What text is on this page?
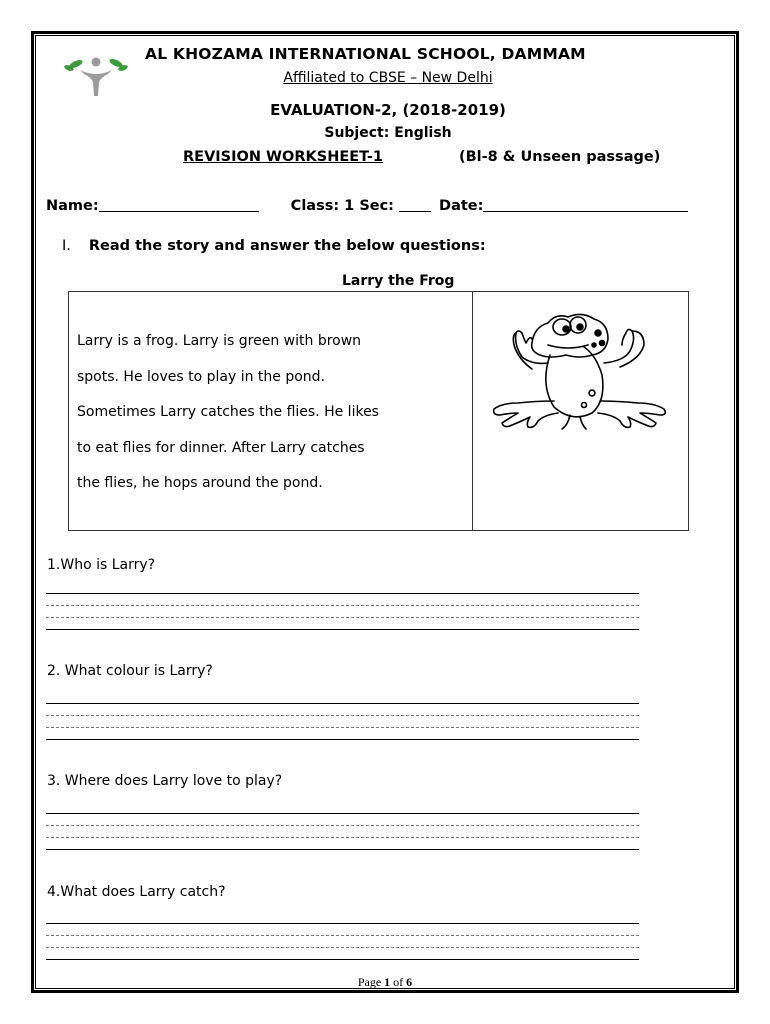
AL KHOZAMA INTERNATIONAL SCHOOL, DAMMAM
Affiliated to CBSE – New Delhi
EVALUATION-2, (2018-2019)
Subject: English
REVISION WORKSHEET-1	(Bl-8 & Unseen passage)
Name:	Class: 1 Sec:	Date:
I. Read the story and answer the below questions:
Larry the Frog
Larry is a frog. Larry is green with brown
spots. He loves to play in the pond.
Sometimes Larry catches the flies. He likes
to eat flies for dinner. After Larry catches
the flies, he hops around the pond.
1.Who is Larry?
2. What colour is Larry?
3. Where does Larry love to play?
4.What does Larry catch?
Page 1 of 6
